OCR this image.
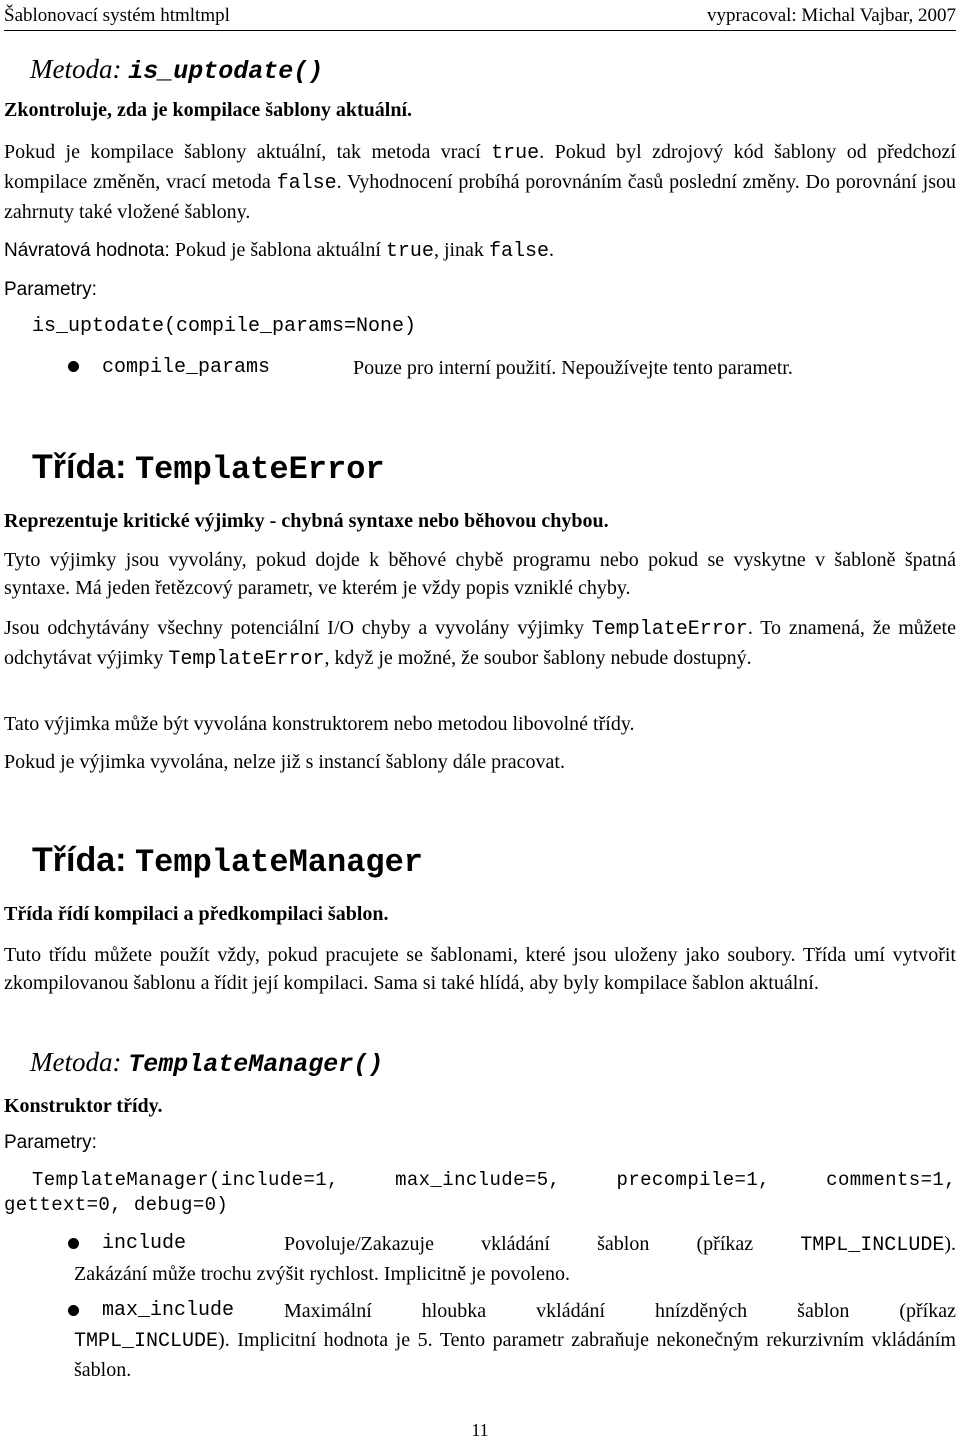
Šablonovací systém htmltmpl	vypracoval: Michal Vajbar, 2007
Metoda: is_uptodate()
Zkontroluje, zda je kompilace šablony aktuální.
Pokud je kompilace šablony aktuální, tak metoda vrací true. Pokud byl zdrojový kód šablony od předchozí kompilace změněn, vrací metoda false. Vyhodnocení probíhá porovnáním časů poslední změny. Do porovnání jsou zahrnuty také vložené šablony.
Návratová hodnota: Pokud je šablona aktuální true, jinak false.
Parametry:
is_uptodate(compile_params=None)
compile_params	Pouze pro interní použití. Nepoužívejte tento parametr.
Třída: TemplateError
Reprezentuje kritické výjimky - chybná syntaxe nebo běhovou chybou.
Tyto výjimky jsou vyvolány, pokud dojde k běhové chybě programu nebo pokud se vyskytne v šabloně špatná syntaxe. Má jeden řetězcový parametr, ve kterém je vždy popis vzniklé chyby.
Jsou odchytávány všechny potenciální I/O chyby a vyvolány výjimky TemplateError. To znamená, že můžete odchytávat výjimky TemplateError, když je možné, že soubor šablony nebude dostupný.
Tato výjimka může být vyvolána konstruktorem nebo metodou libovolné třídy.
Pokud je výjimka vyvolána, nelze již s instancí šablony dále pracovat.
Třída: TemplateManager
Třída řídí kompilaci a předkompilaci šablon.
Tuto třídu můžete použít vždy, pokud pracujete se šablonami, které jsou uloženy jako soubory. Třída umí vytvořit zkompilovanou šablonu a řídit její kompilaci. Sama si také hlídá, aby byly kompilace šablon aktuální.
Metoda: TemplateManager()
Konstruktor třídy.
Parametry:
TemplateManager(include=1, max_include=5, precompile=1, comments=1,
gettext=0, debug=0)
include	Povoluje/Zakazuje vkládání šablon (příkaz TMPL_INCLUDE).
Zakázání může trochu zvýšit rychlost. Implicitně je povoleno.
max_include	Maximální hloubka vkládání hnízděných šablon (příkaz
TMPL_INCLUDE). Implicitní hodnota je 5. Tento parametr zabraňuje nekonečným rekurzivním vkládáním šablon.
11
